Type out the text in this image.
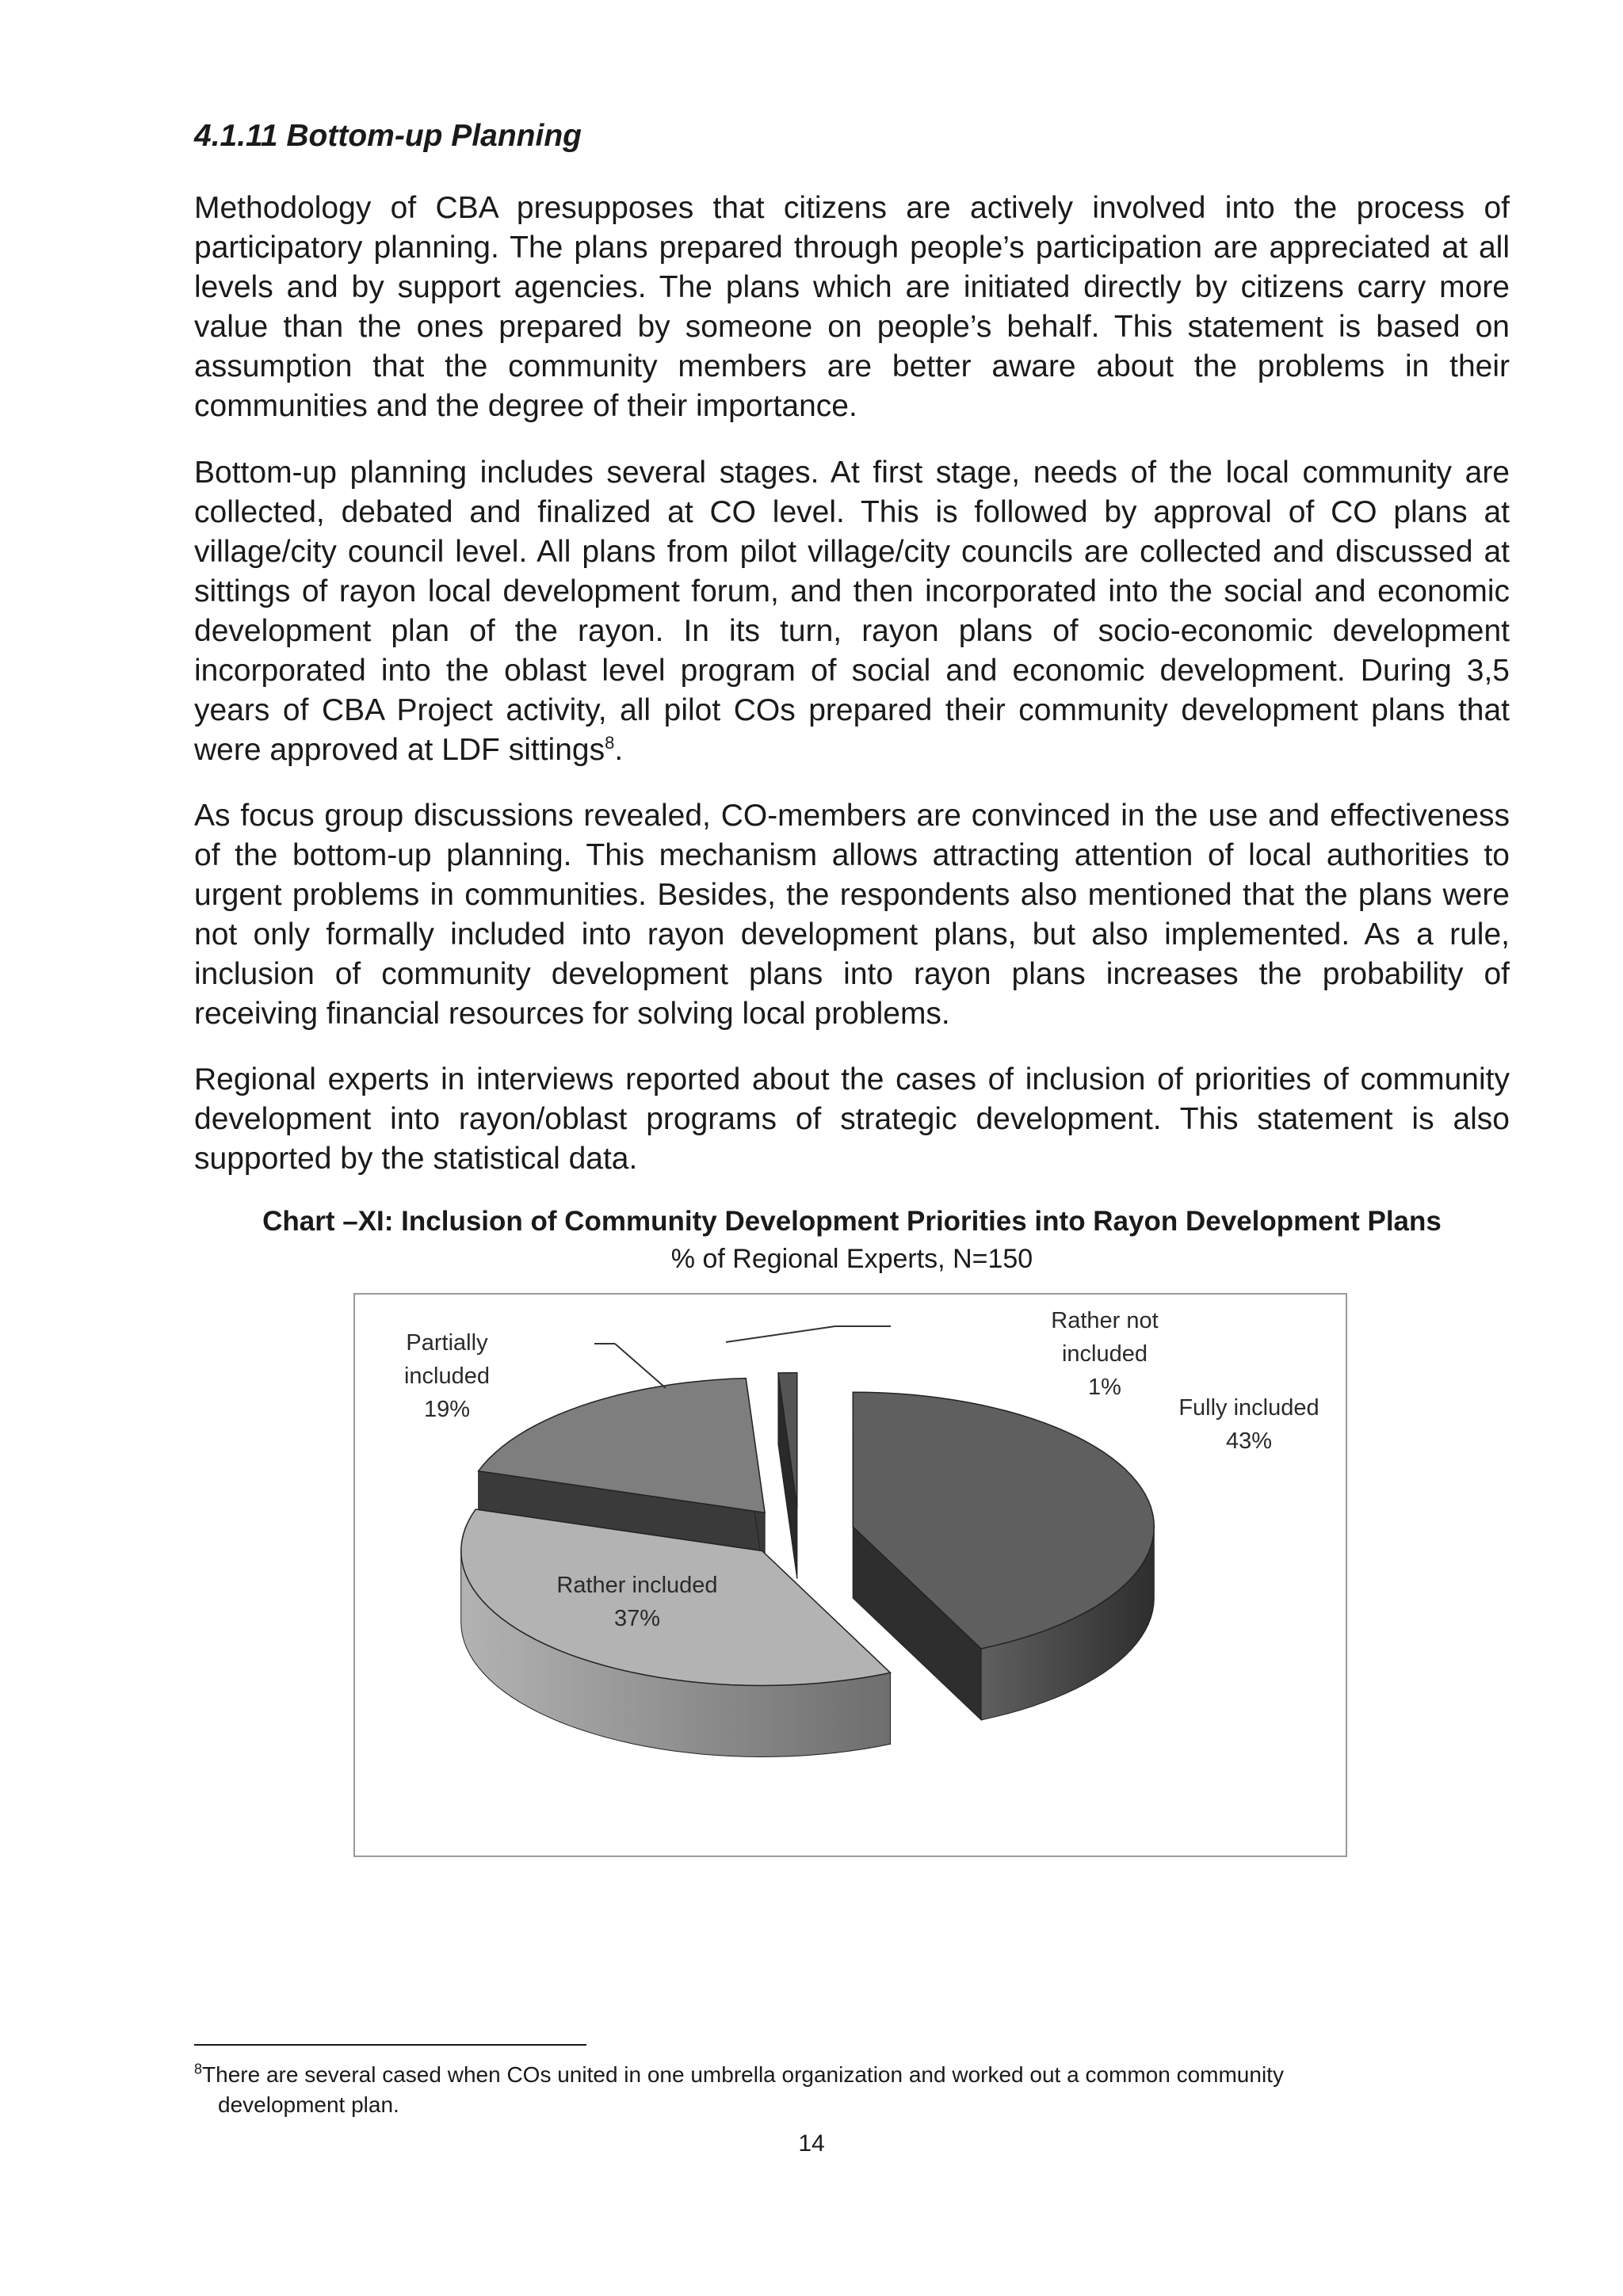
4.1.11 Bottom-up Planning

Methodology of CBA presupposes that citizens are actively involved into the process of participatory planning. The plans prepared through people’s participation are appreciated at all levels and by support agencies. The plans which are initiated directly by citizens carry more value than the ones prepared by someone on people’s behalf. This statement is based on assumption that the community members are better aware about the problems in their communities and the degree of their importance.

Bottom-up planning includes several stages. At first stage, needs of the local community are collected, debated and finalized at CO level. This is followed by approval of CO plans at village/city council level. All plans from pilot village/city councils are collected and discussed at sittings of rayon local development forum, and then incorporated into the social and economic development plan of the rayon. In its turn, rayon plans of socio-economic development incorporated into the oblast level program of social and economic development. During 3,5 years of CBA Project activity, all pilot COs prepared their community development plans that were approved at LDF sittings$^8$.

As focus group discussions revealed, CO-members are convinced in the use and effectiveness of the bottom-up planning. This mechanism allows attracting attention of local authorities to urgent problems in communities. Besides, the respondents also mentioned that the plans were not only formally included into rayon development plans, but also implemented. As a rule, inclusion of community development plans into rayon plans increases the probability of receiving financial resources for solving local problems.

Regional experts in interviews reported about the cases of inclusion of priorities of community development into rayon/oblast programs of strategic development. This statement is also supported by the statistical data.

Chart –XI: Inclusion of Community Development Priorities into Rayon Development Plans
% of Regional Experts, N=150
Partially
included
19%
Rather not
included
1%
Fully included
43%
Rather included
37%
$^8$There are several cased when COs united in one umbrella organization and worked out a common community
development plan.
14
